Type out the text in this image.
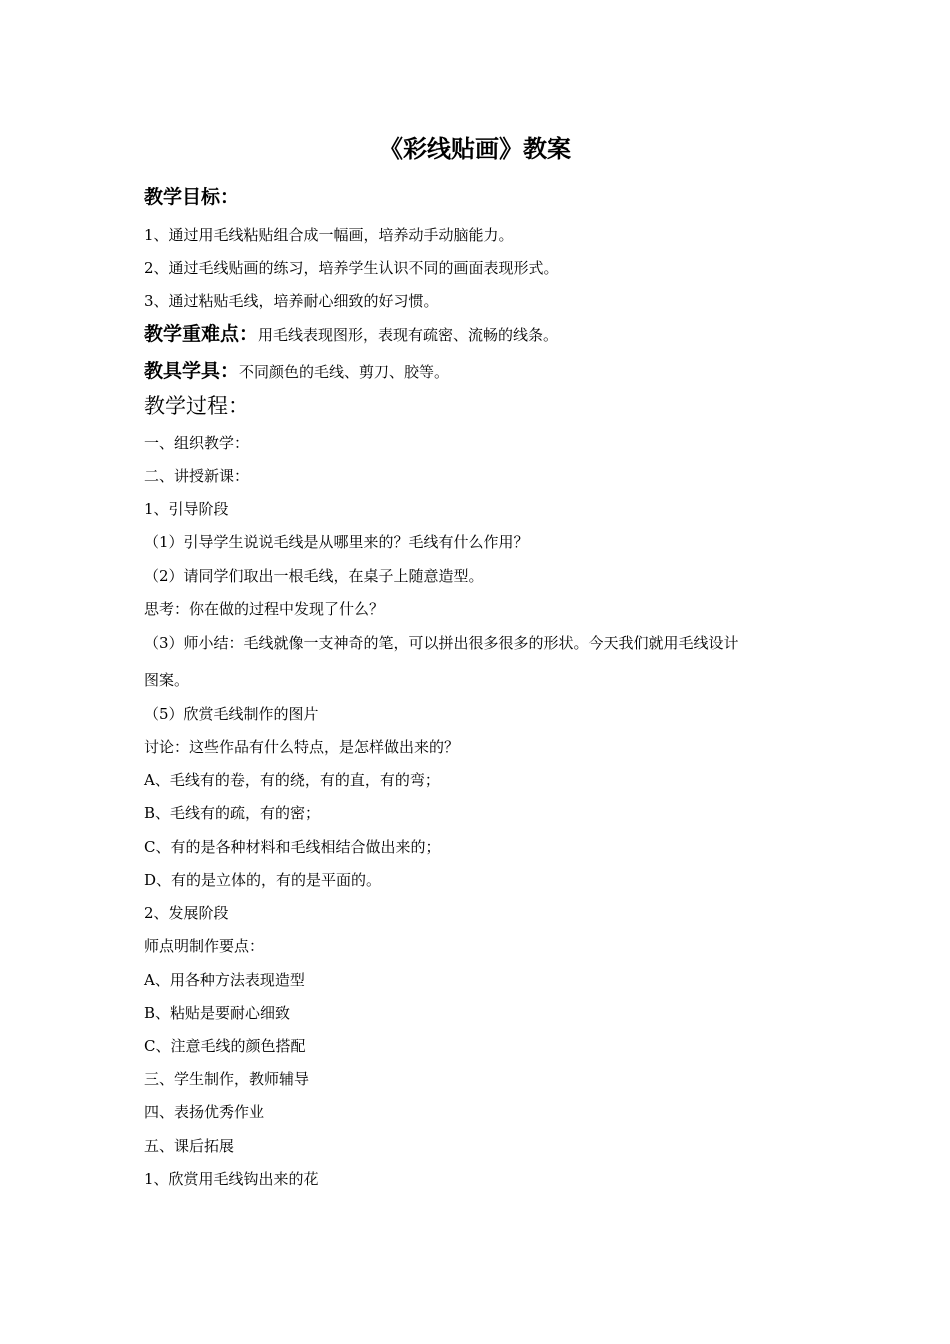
《彩线贴画》教案
教学目标：
1、通过用毛线粘贴组合成一幅画，培养动手动脑能力。
2、通过毛线贴画的练习，培养学生认识不同的画面表现形式。
3、通过粘贴毛线，培养耐心细致的好习惯。
教学重难点：用毛线表现图形，表现有疏密、流畅的线条。
教具学具：不同颜色的毛线、剪刀、胶等。
教学过程：
一、组织教学：
二、讲授新课：
1、引导阶段
（1）引导学生说说毛线是从哪里来的？毛线有什么作用？
（2）请同学们取出一根毛线，在桌子上随意造型。
思考：你在做的过程中发现了什么？
（3）师小结：毛线就像一支神奇的笔，可以拼出很多很多的形状。今天我们就用毛线设计
图案。
（5）欣赏毛线制作的图片
讨论：这些作品有什么特点，是怎样做出来的？
A、毛线有的卷，有的绕，有的直，有的弯；
B、毛线有的疏，有的密；
C、有的是各种材料和毛线相结合做出来的；
D、有的是立体的，有的是平面的。
2、发展阶段
师点明制作要点：
A、用各种方法表现造型
B、粘贴是要耐心细致
C、注意毛线的颜色搭配
三、学生制作，教师辅导
四、表扬优秀作业
五、课后拓展
1、欣赏用毛线钩出来的花
